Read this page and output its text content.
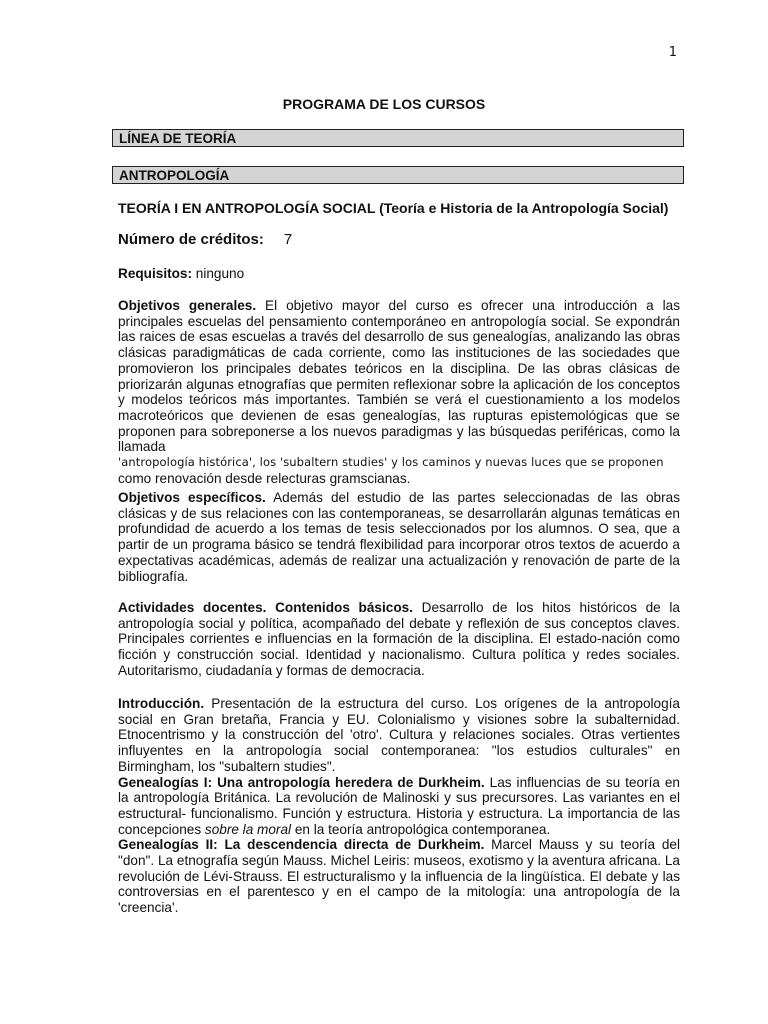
1
PROGRAMA DE LOS CURSOS
LÍNEA DE TEORÍA
ANTROPOLOGÍA
TEORÍA I EN ANTROPOLOGÍA SOCIAL (Teoría e Historia de la Antropología Social)
Número de créditos: 7
Requisitos: ninguno
Objetivos generales. El objetivo mayor del curso es ofrecer una introducción a las principales escuelas del pensamiento contemporáneo en antropología social. Se expondrán las raices de esas escuelas a través del desarrollo de sus genealogías, analizando las obras clásicas paradigmáticas de cada corriente, como las instituciones de las sociedades que promovieron los principales debates teóricos en la disciplina. De las obras clásicas de priorizarán algunas etnografías que permiten reflexionar sobre la aplicación de los conceptos y modelos teóricos más importantes. También se verá el cuestionamiento a los modelos macroteóricos que devienen de esas genealogías, las rupturas epistemológicas que se proponen para sobreponerse a los nuevos paradigmas y las búsquedas periféricas, como la llamada
'antropología histórica', los 'subaltern studies' y los caminos y nuevas luces que se proponen
como renovación desde relecturas gramscianas.
Objetivos específicos. Además del estudio de las partes seleccionadas de las obras clásicas y de sus relaciones con las contemporaneas, se desarrollarán algunas temáticas en profundidad de acuerdo a los temas de tesis seleccionados por los alumnos. O sea, que a partir de un programa básico se tendrá flexibilidad para incorporar otros textos de acuerdo a expectativas académicas, además de realizar una actualización y renovación de parte de la bibliografía.
Actividades docentes. Contenidos básicos. Desarrollo de los hitos históricos de la antropología social y política, acompañado del debate y reflexión de sus conceptos claves. Principales corrientes e influencias en la formación de la disciplina. El estado-nación como ficción y construcción social. Identidad y nacionalismo. Cultura política y redes sociales. Autoritarismo, ciudadanía y formas de democracia.
Introducción. Presentación de la estructura del curso. Los orígenes de la antropología social en Gran bretaña, Francia y EU. Colonialismo y visiones sobre la subalternidad. Etnocentrismo y la construcción del 'otro'. Cultura y relaciones sociales. Otras vertientes influyentes en la antropología social contemporanea: "los estudios culturales" en Birmingham, los "subaltern studies".
Genealogías I: Una antropología heredera de Durkheim. Las influencias de su teoría en la antropología Británica. La revolución de Malinoski y sus precursores. Las variantes en el estructural- funcionalismo. Función y estructura. Historia y estructura. La importancia de las concepciones sobre la moral en la teoría antropológica contemporanea.
Genealogías II: La descendencia directa de Durkheim. Marcel Mauss y su teoría del "don". La etnografía según Mauss. Michel Leiris: museos, exotismo y la aventura africana. La revolución de Lévi-Strauss. El estructuralismo y la influencia de la lingüística. El debate y las controversias en el parentesco y en el campo de la mitología: una antropología de la 'creencia'.
